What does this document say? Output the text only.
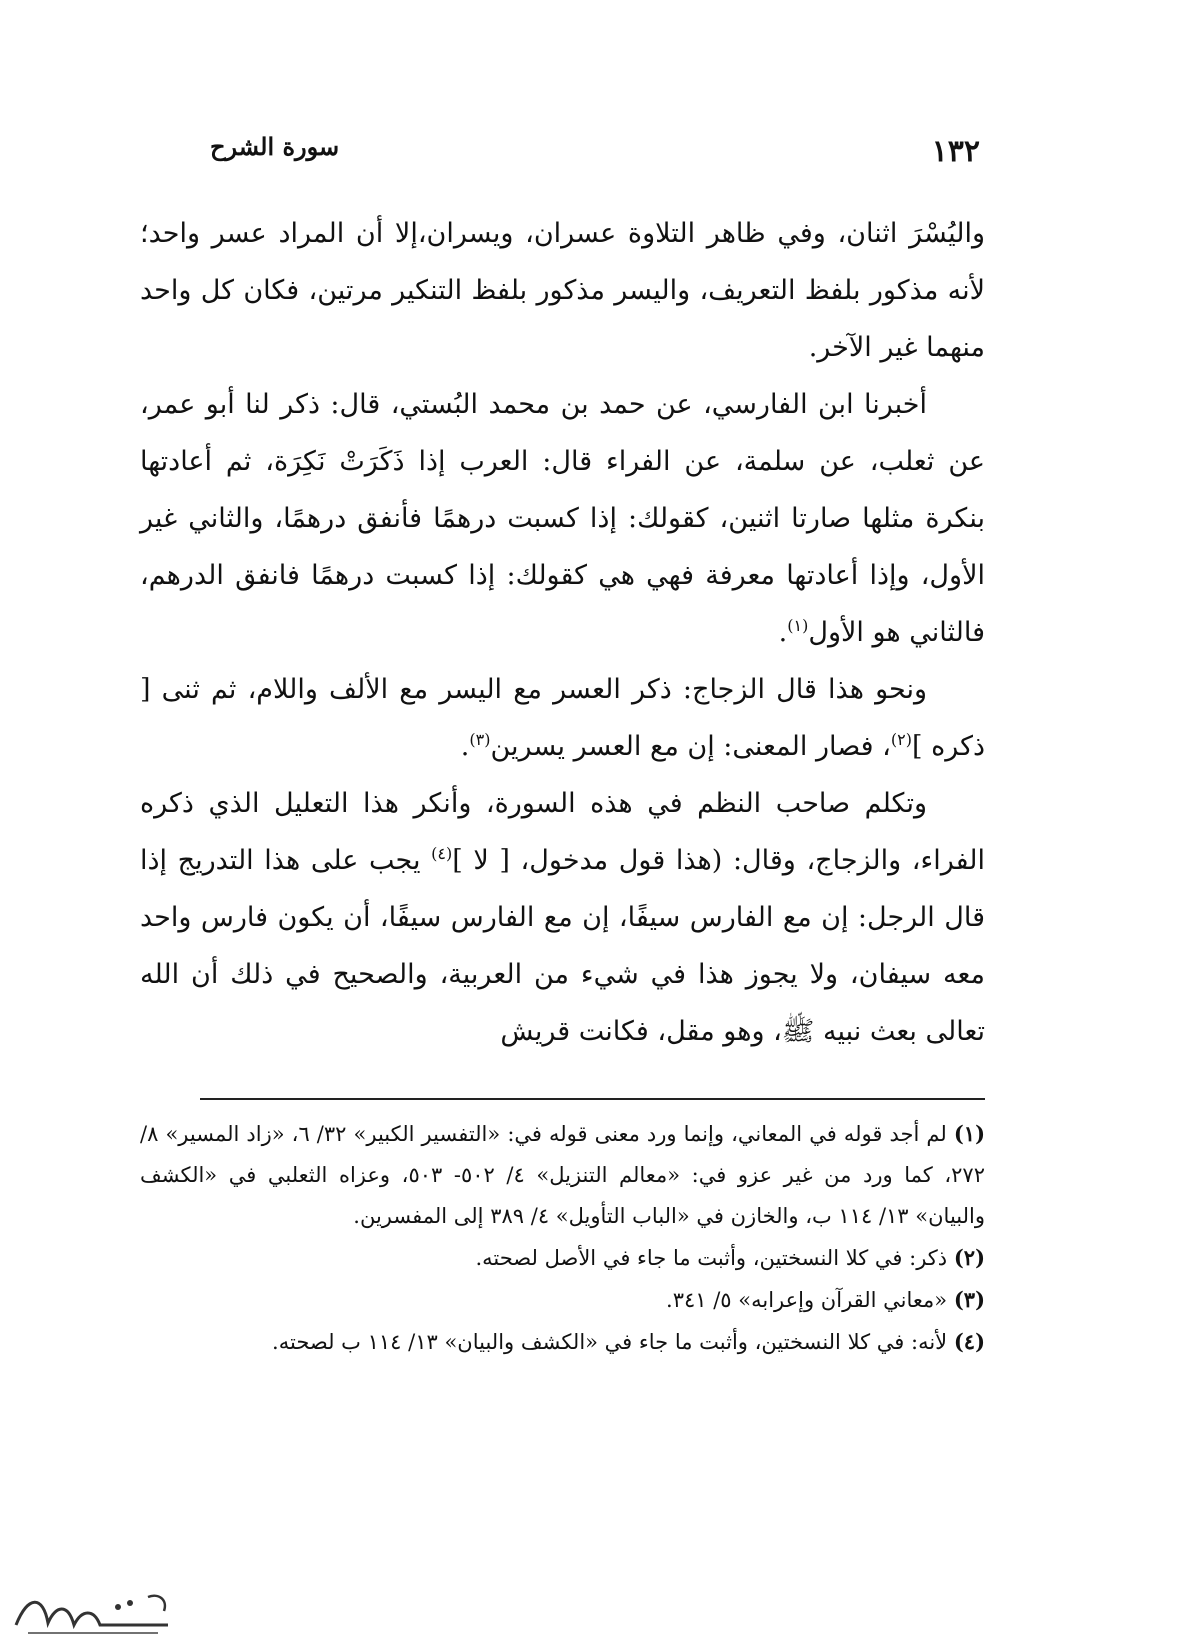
١٣٢
سورة الشرح

واليُسْرَ اثنان، وفي ظاهر التلاوة عسران، ويسران،إلا أن المراد عسر واحد؛لأنه مذكور بلفظ التعريف، واليسر مذكور بلفظ التنكير مرتين، فكان كل واحد منهما غير الآخر.

أخبرنا ابن الفارسي، عن حمد بن محمد البُستي، قال: ذكر لنا أبو عمر، عن ثعلب، عن سلمة، عن الفراء قال: العرب إذا ذَكَرَتْ نَكِرَة، ثم أعادتها بنكرة مثلها صارتا اثنين، كقولك: إذا كسبت درهمًا فأنفق درهمًا، والثاني غير الأول، وإذا أعادتها معرفة فهي هي كقولك: إذا كسبت درهمًا فانفق الدرهم، فالثاني هو الأول$^{(١)}$.

ونحو هذا قال الزجاج: ذكر العسر مع اليسر مع الألف واللام، ثم ثنى [ ذكره ]$^{(٢)}$، فصار المعنى: إن مع العسر يسرين$^{(٣)}$.

وتكلم صاحب النظم في هذه السورة، وأنكر هذا التعليل الذي ذكره الفراء، والزجاج، وقال: (هذا قول مدخول، [ لا ]$^{(٤)}$ يجب على هذا التدريج إذا قال الرجل: إن مع الفارس سيفًا، إن مع الفارس سيفًا، أن يكون فارس واحد معه سيفان، ولا يجوز هذا في شيء من العربية، والصحيح في ذلك أن الله تعالى بعث نبيه ﷺ، وهو مقل، فكانت قريش

(١) لم أجد قوله في المعاني، وإنما ورد معنى قوله في: «التفسير الكبير» ٣٢/ ٦، «زاد المسير» ٨/ ٢٧٢، كما ورد من غير عزو في: «معالم التنزيل» ٤/ ٥٠٢- ٥٠٣، وعزاه الثعلبي في «الكشف والبيان» ١٣/ ١١٤ ب، والخازن في «الباب التأويل» ٤/ ٣٨٩ إلى المفسرين.

(٢) ذكر: في كلا النسختين، وأثبت ما جاء في الأصل لصحته.

(٣) «معاني القرآن وإعرابه» ٥/ ٣٤١.

(٤) لأنه: في كلا النسختين، وأثبت ما جاء في «الكشف والبيان» ١٣/ ١١٤ ب لصحته.
